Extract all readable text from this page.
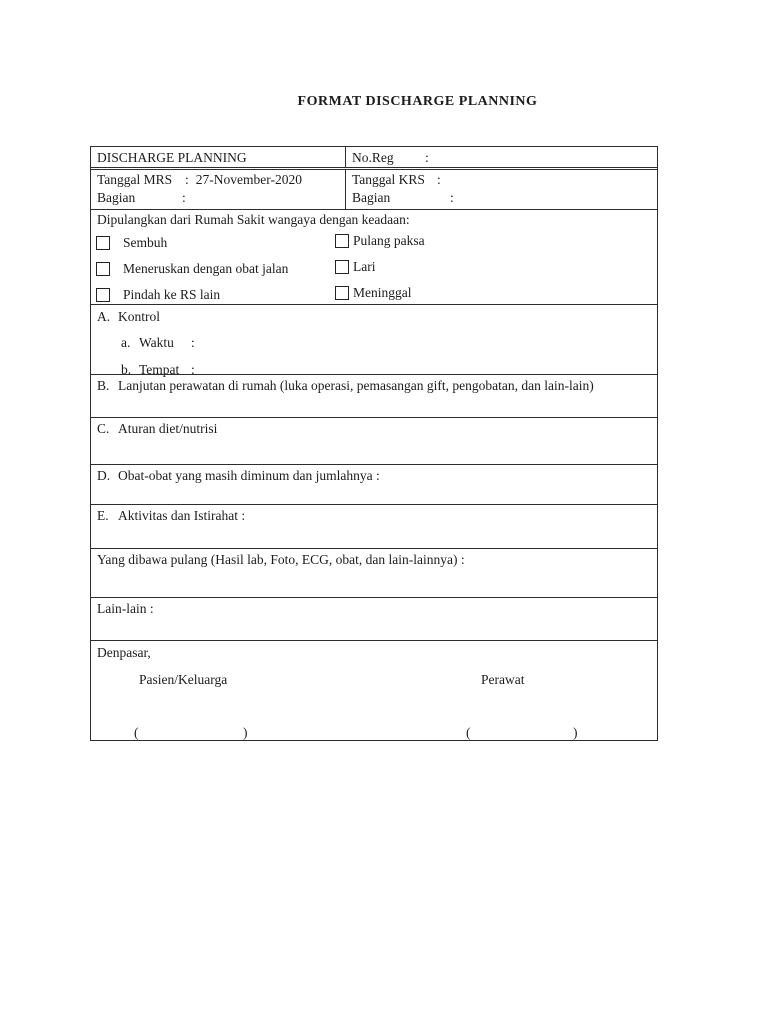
FORMAT DISCHARGE PLANNING
DISCHARGE PLANNING	No.Reg :
Tanggal MRS : 27-November-2020
Bagian	:
Tanggal KRS :
Bagian	:
Dipulangkan dari Rumah Sakit wangaya dengan keadaan:
Sembuh
Meneruskan dengan obat jalan
Pindah ke RS lain
Pulang paksa
Lari
Meninggal
A. Kontrol
a. Waktu :
b. Tempat :
B. Lanjutan perawatan di rumah (luka operasi, pemasangan gift, pengobatan, dan lain-lain)
C. Aturan diet/nutrisi
D. Obat-obat yang masih diminum dan jumlahnya :
E. Aktivitas dan Istirahat :
Yang dibawa pulang (Hasil lab, Foto, ECG, obat, dan lain-lainnya) :
Lain-lain :
Denpasar,
Pasien/Keluarga	Perawat
(	)	(	)
